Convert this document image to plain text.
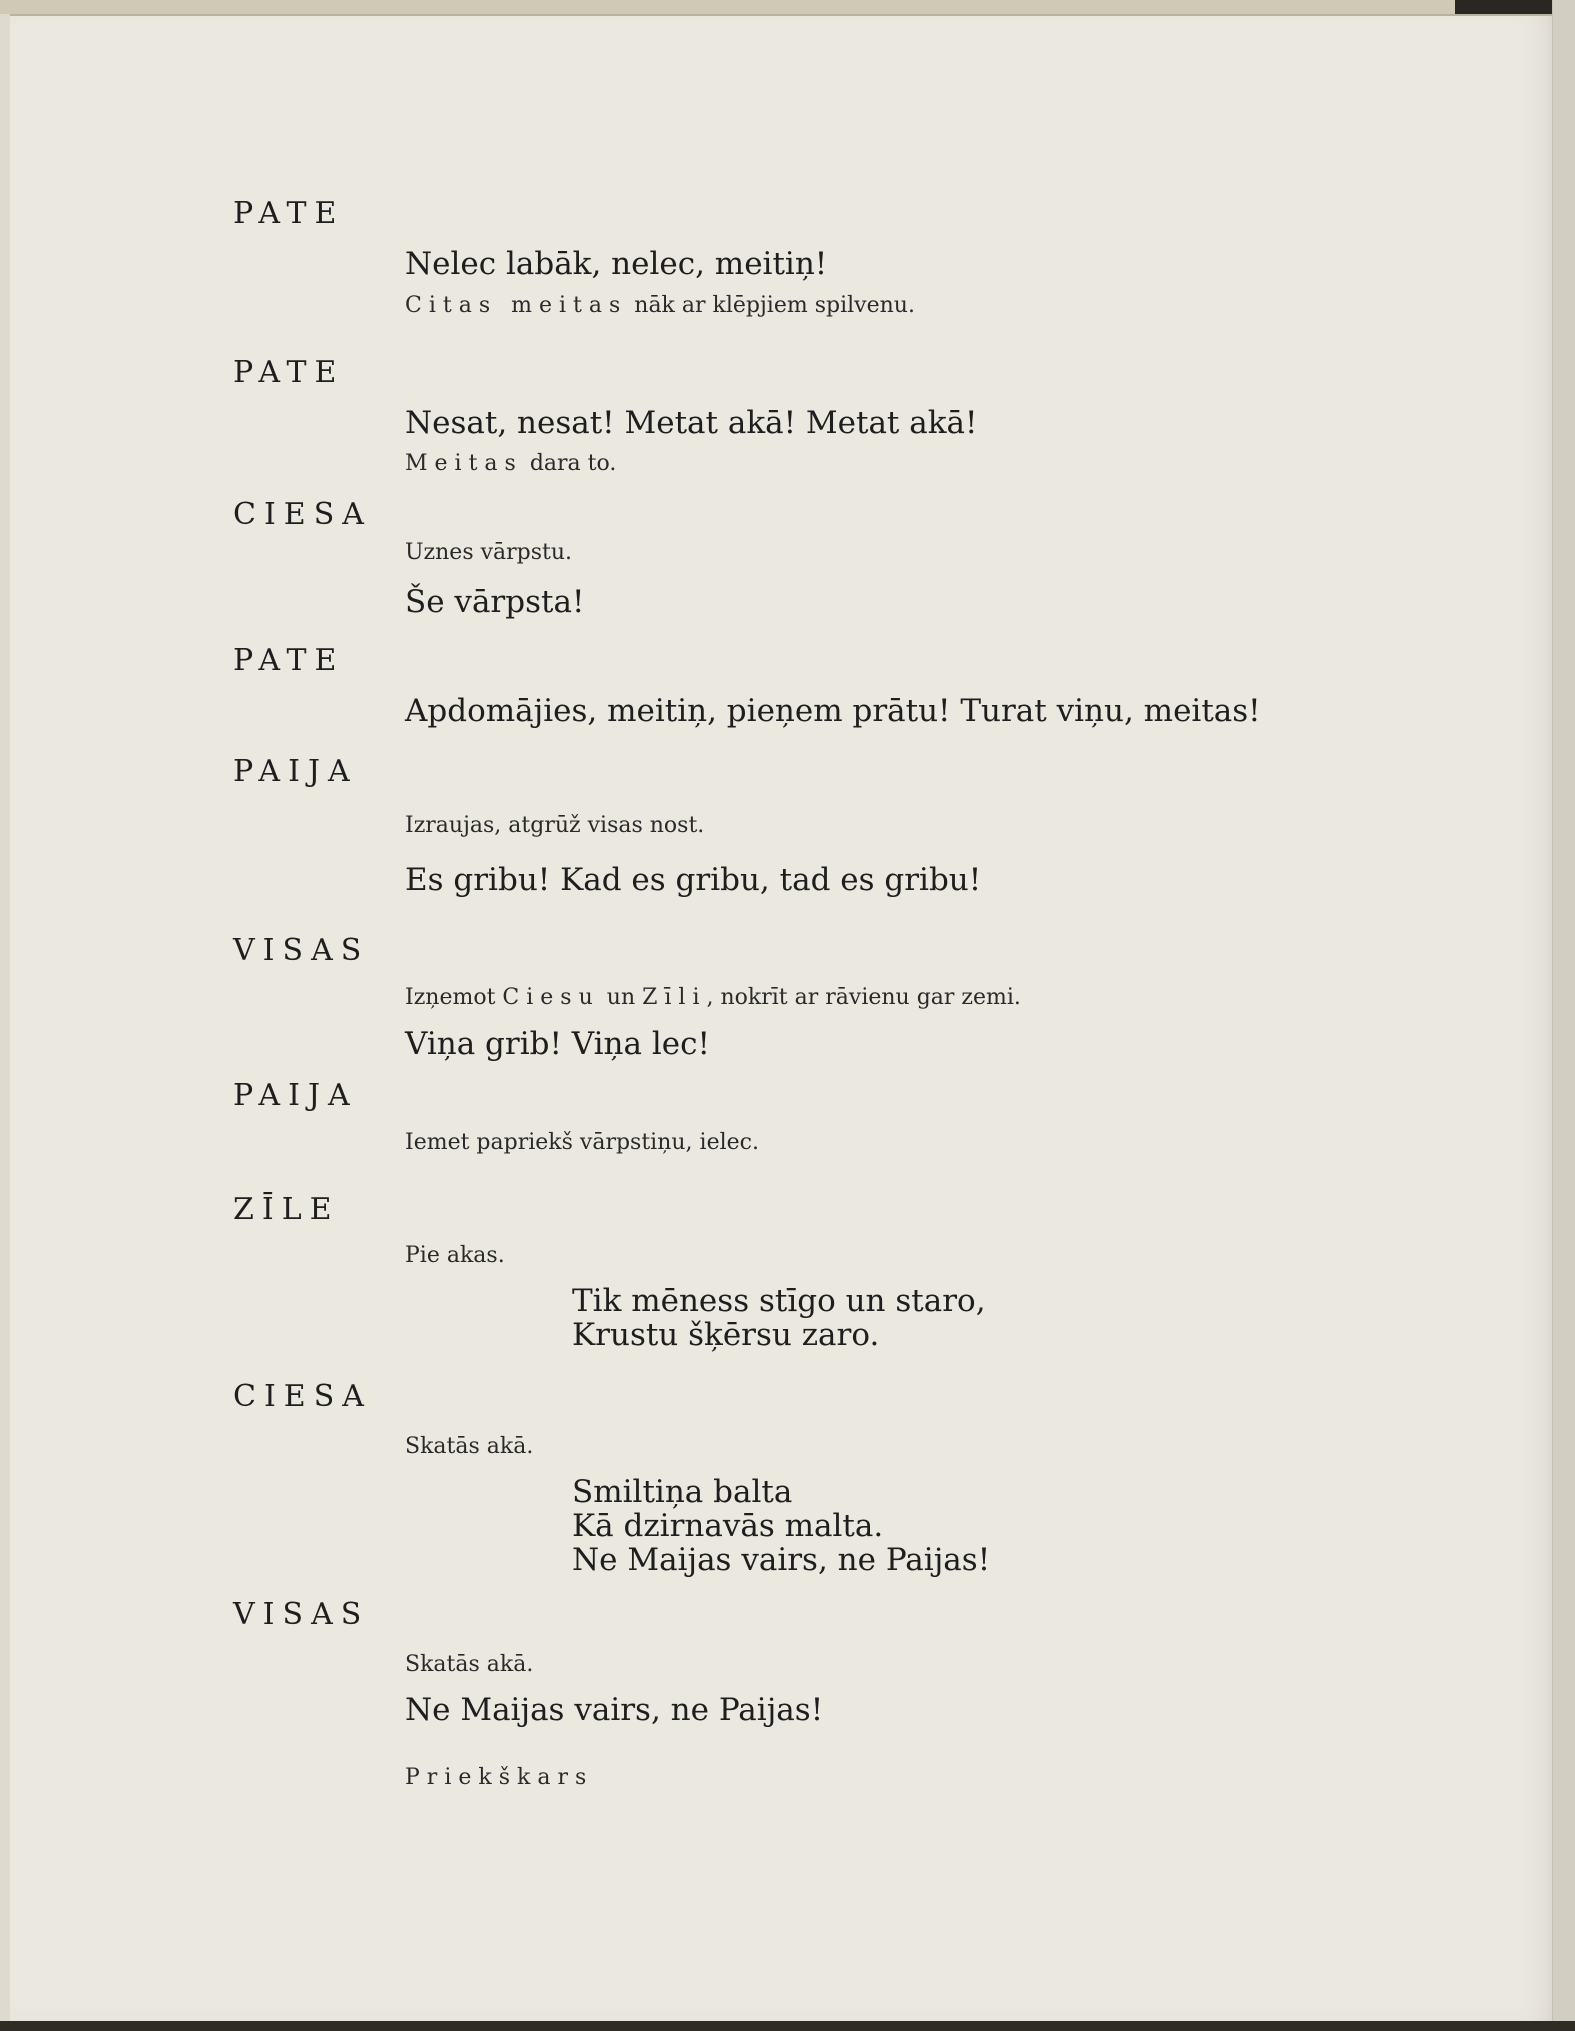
PATE
Nelec labāk, nelec, meitiņ!
Citas meitas nāk ar klēpjiem spilvenu.
PATE
Nesat, nesat! Metat akā! Metat akā!
Meitas dara to.
CIESA
Uznes vārpstu.
Še vārpsta!
PATE
Apdomājies, meitiņ, pieņem prātu! Turat viņu, meitas!
PAIJA
Izraujas, atgrūž visas nost.
Es gribu! Kad es gribu, tad es gribu!
VISAS
Izņemot Ciesu un Zīli, nokrīt ar rāvienu gar zemi.
Viņa grib! Viņa lec!
PAIJA
Iemet papriekš vārpstiņu, ielec.
ZĪLE
Pie akas.
Tik mēness stīgo un staro,
Krustu šķērsu zaro.
CIESA
Skatās akā.
Smiltiņa balta
Kā dzirnavās malta.
Ne Maijas vairs, ne Paijas!
VISAS
Skatās akā.
Ne Maijas vairs, ne Paijas!
Priekškars
